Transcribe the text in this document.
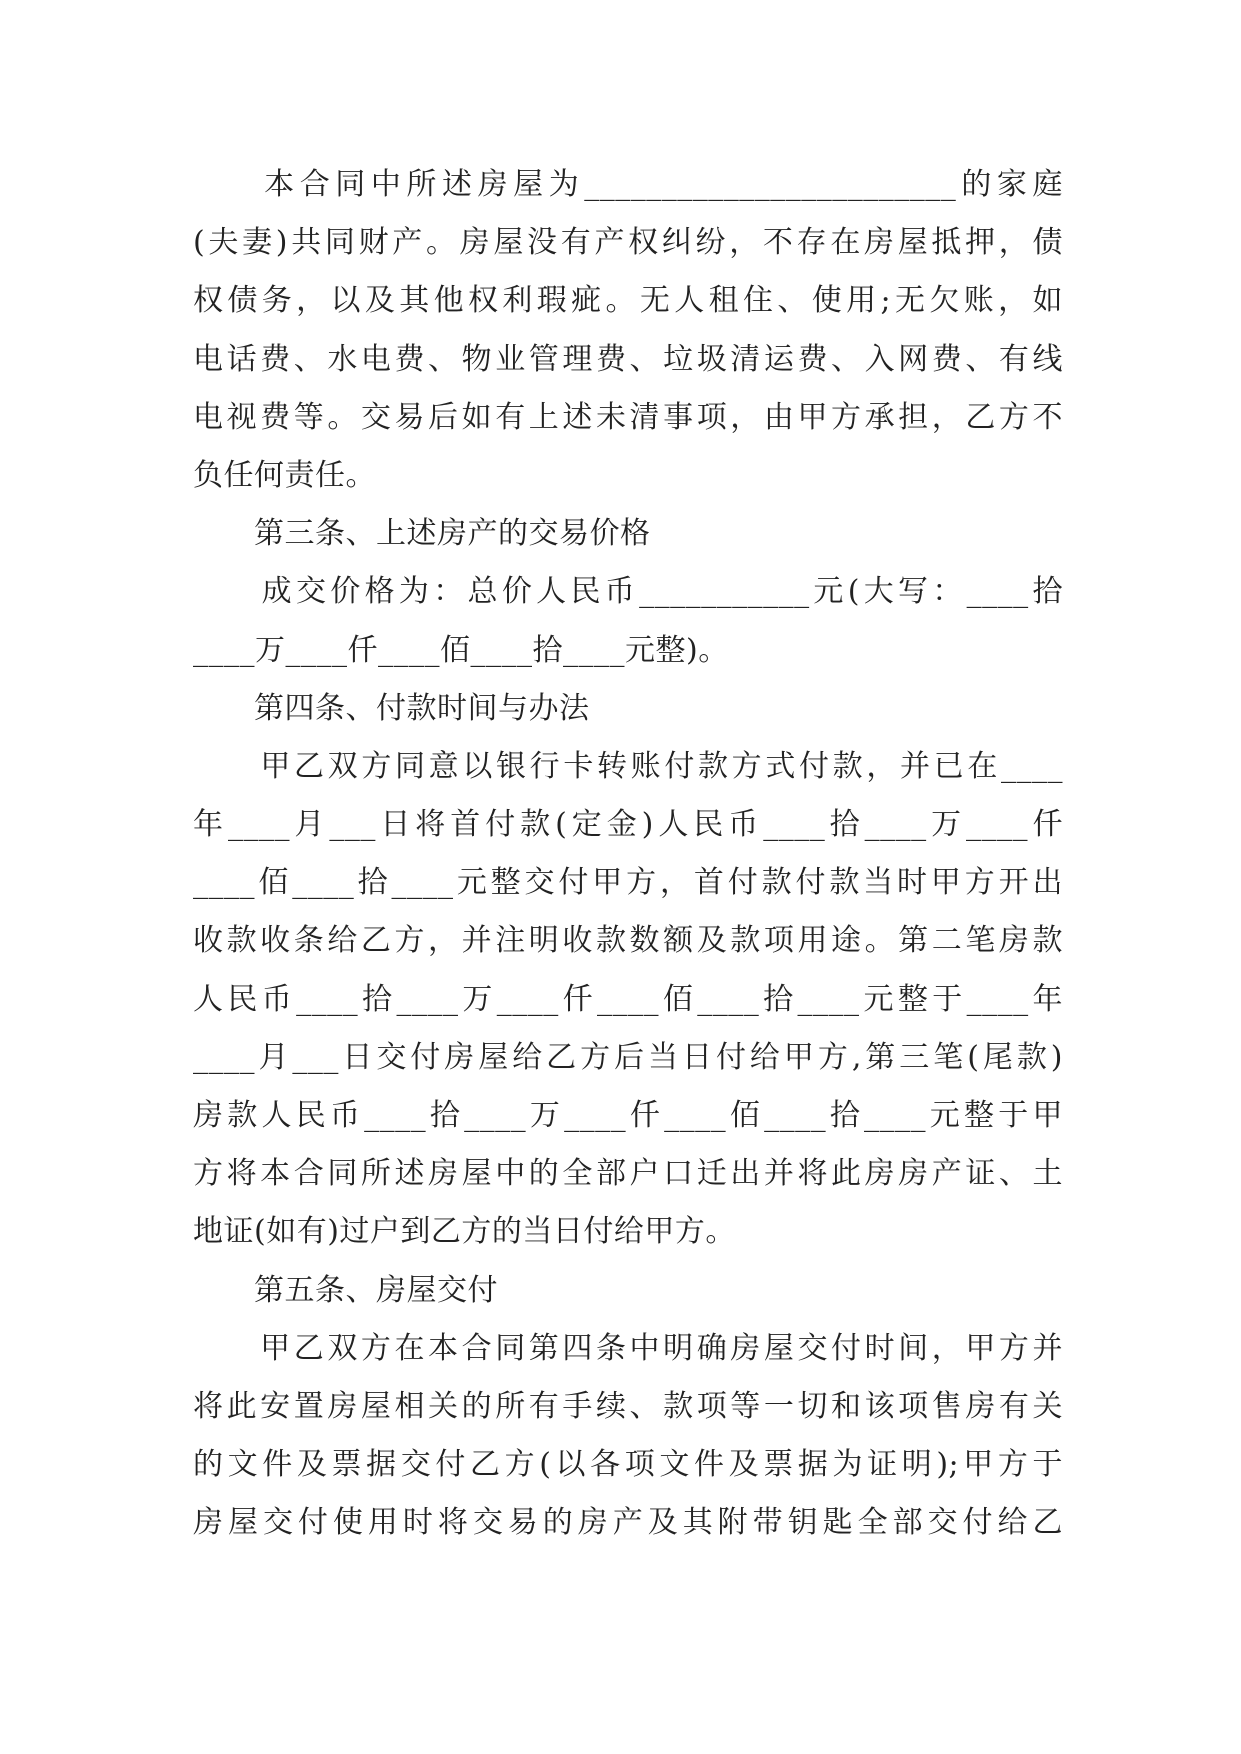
　　本合同中所述房屋为________________________的家庭
(夫妻)共同财产。房屋没有产权纠纷，不存在房屋抵押，债
权债务，以及其他权利瑕疵。无人租住、使用;无欠账，如
电话费、水电费、物业管理费、垃圾清运费、入网费、有线
电视费等。交易后如有上述未清事项，由甲方承担，乙方不
负任何责任。
　　第三条、上述房产的交易价格
　　成交价格为：总价人民币___________元(大写：____拾
____万____仟____佰____拾____元整)。
　　第四条、付款时间与办法
　　甲乙双方同意以银行卡转账付款方式付款，并已在____
年____月___日将首付款(定金)人民币____拾____万____仟
____佰____拾____元整交付甲方，首付款付款当时甲方开出
收款收条给乙方，并注明收款数额及款项用途。第二笔房款
人民币____拾____万____仟____佰____拾____元整于____年
____月___日交付房屋给乙方后当日付给甲方,第三笔(尾款)
房款人民币____拾____万____仟____佰____拾____元整于甲
方将本合同所述房屋中的全部户口迁出并将此房房产证、土
地证(如有)过户到乙方的当日付给甲方。
　　第五条、房屋交付
　　甲乙双方在本合同第四条中明确房屋交付时间，甲方并
将此安置房屋相关的所有手续、款项等一切和该项售房有关
的文件及票据交付乙方(以各项文件及票据为证明);甲方于
房屋交付使用时将交易的房产及其附带钥匙全部交付给乙
